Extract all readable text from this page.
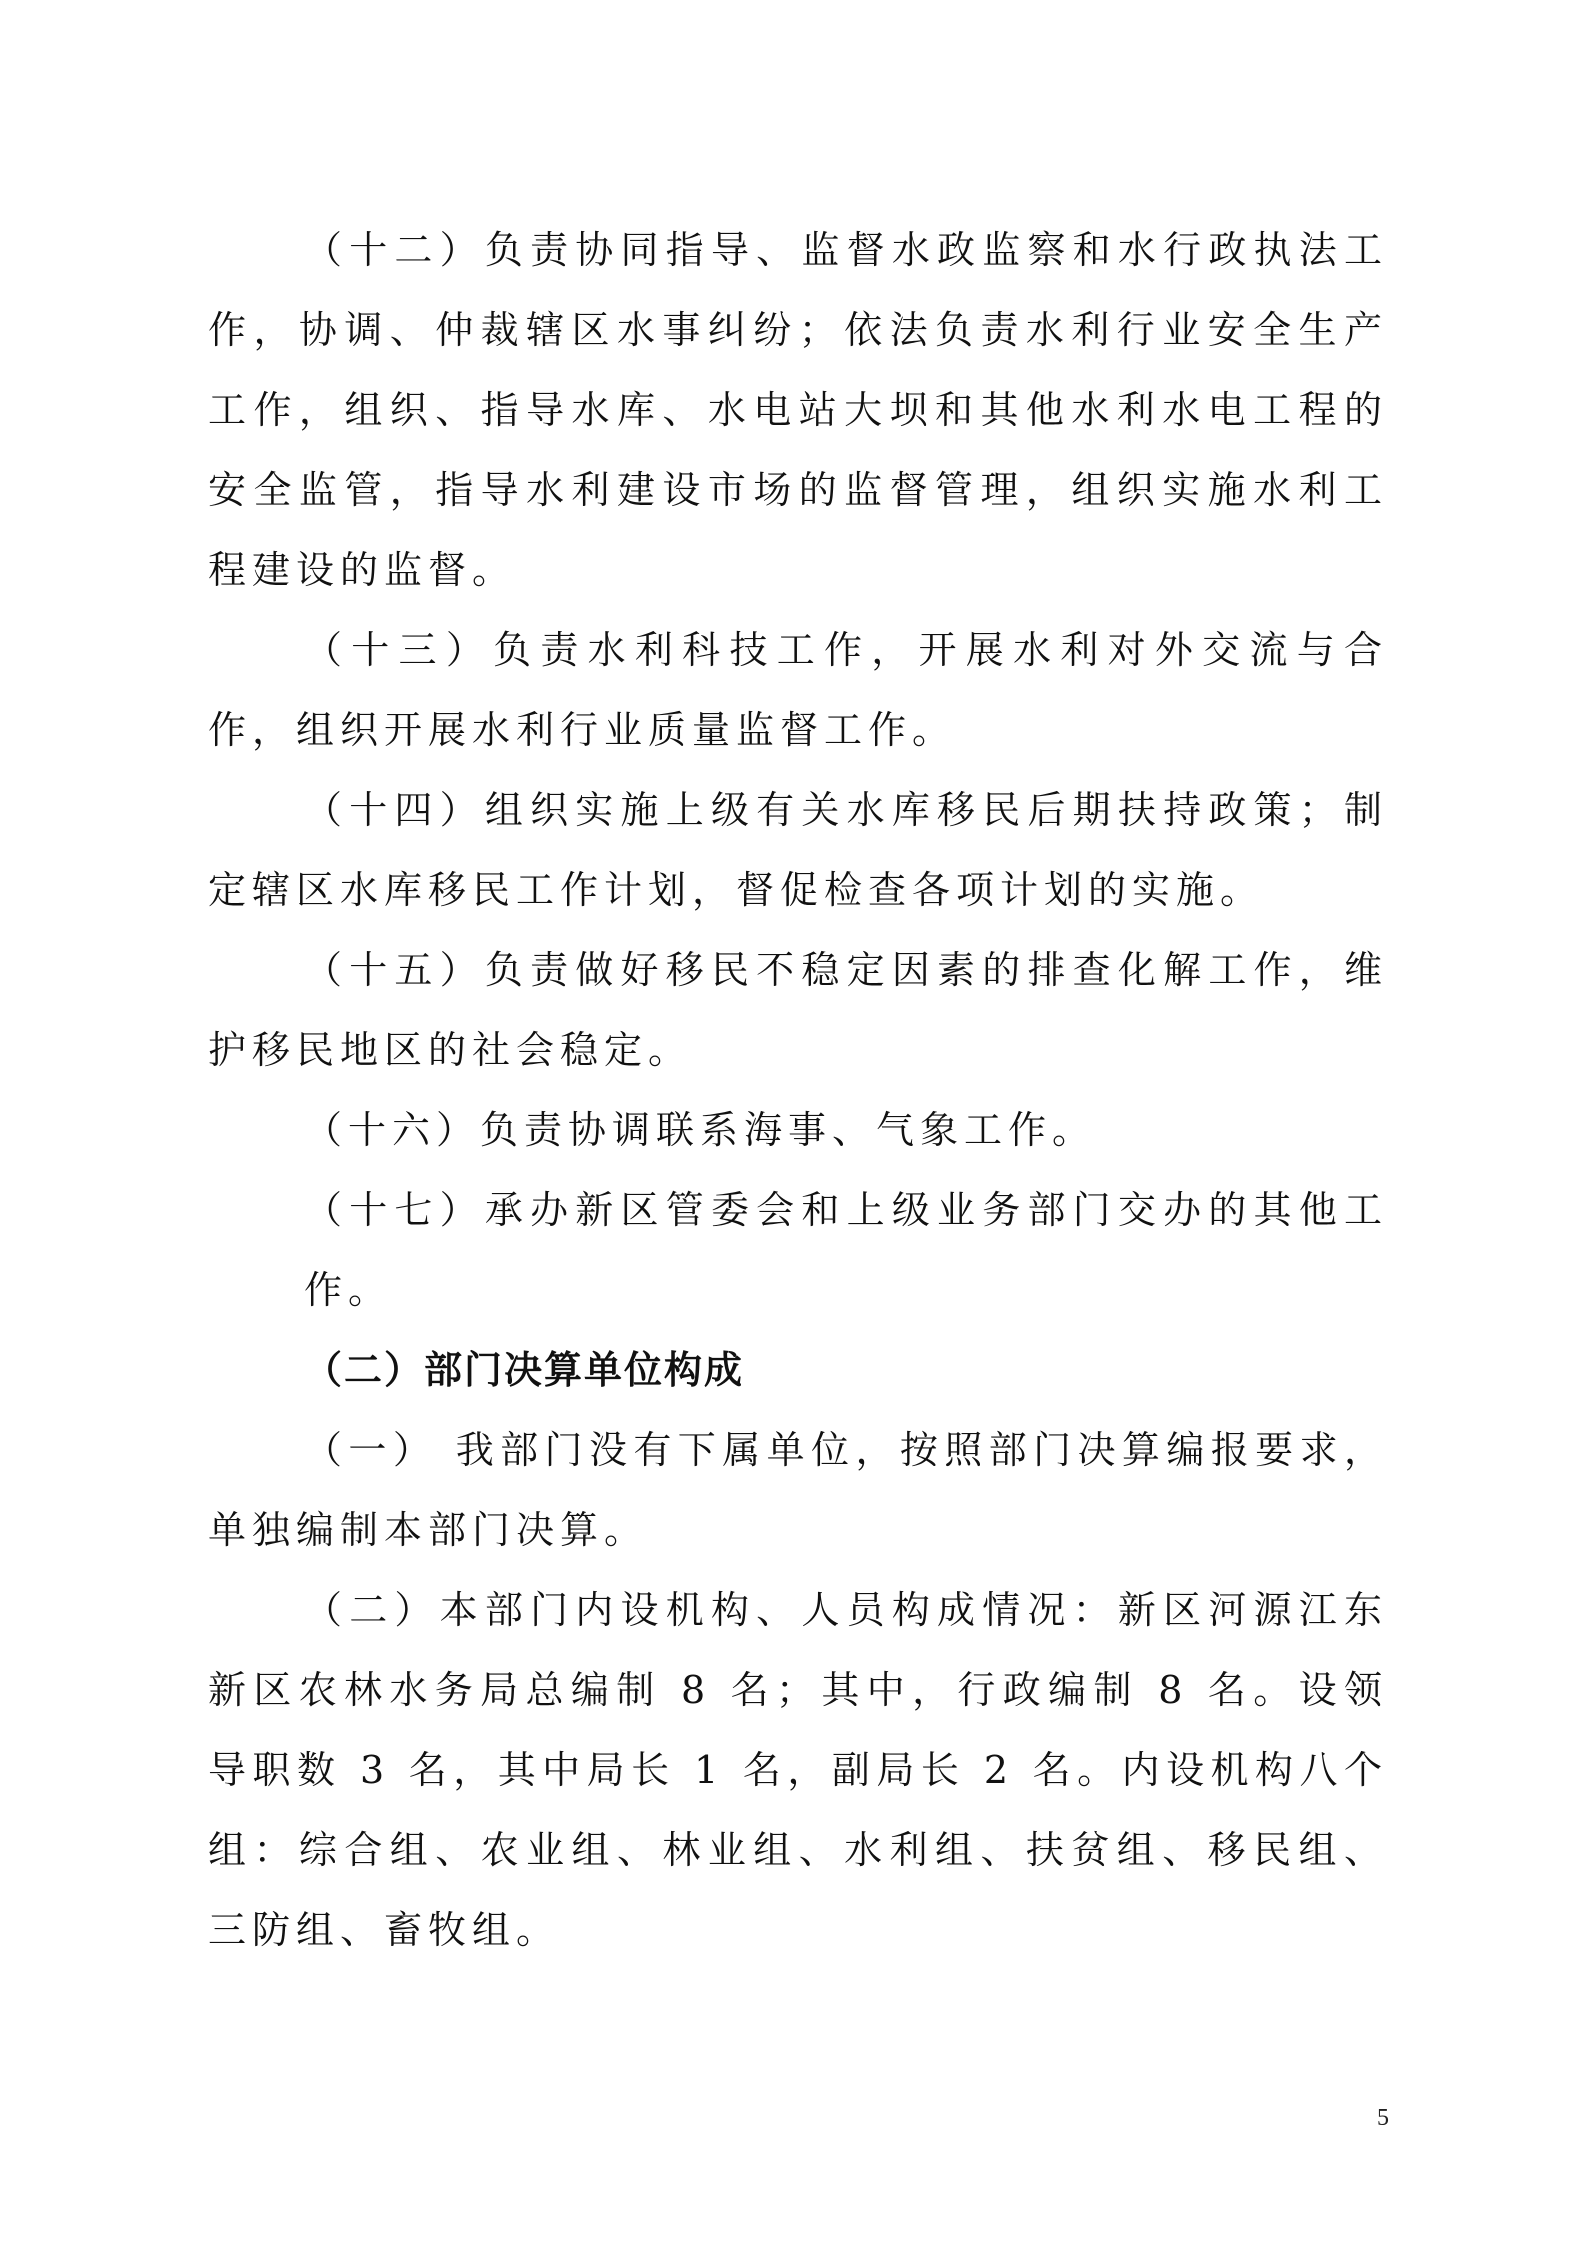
（十二）负责协同指导、监督水政监察和水行政执法工作，协调、仲裁辖区水事纠纷；依法负责水利行业安全生产工作，组织、指导水库、水电站大坝和其他水利水电工程的安全监管，指导水利建设市场的监督管理，组织实施水利工程建设的监督。

（十三）负责水利科技工作，开展水利对外交流与合作，组织开展水利行业质量监督工作。

（十四）组织实施上级有关水库移民后期扶持政策；制定辖区水库移民工作计划，督促检查各项计划的实施。

（十五）负责做好移民不稳定因素的排查化解工作，维护移民地区的社会稳定。

（十六）负责协调联系海事、气象工作。

（十七）承办新区管委会和上级业务部门交办的其他工作。

（二）部门决算单位构成

（一） 我部门没有下属单位，按照部门决算编报要求，单独编制本部门决算。

（二）本部门内设机构、人员构成情况：新区河源江东新区农林水务局总编制 8 名；其中，行政编制 8 名。设领导职数 3 名，其中局长 1 名，副局长 2 名。内设机构八个组：综合组、农业组、林业组、水利组、扶贫组、移民组、三防组、畜牧组。

5
